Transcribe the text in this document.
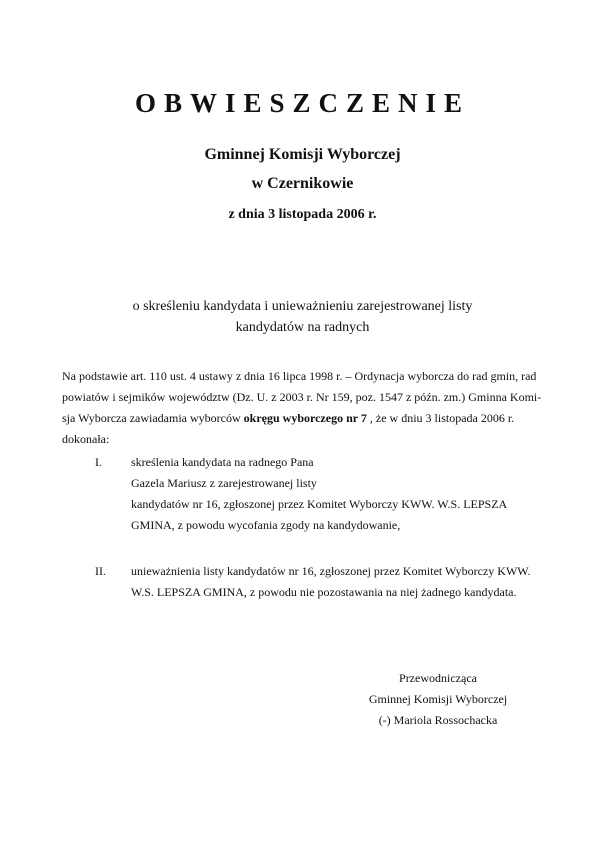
OBWIESZCZENIE
Gminnej Komisji Wyborczej
w Czernikowie
z dnia 3 listopada 2006 r.
o skreśleniu kandydata i unieważnieniu zarejestrowanej listy
kandydatów na radnych
Na podstawie art. 110 ust. 4 ustawy z dnia 16 lipca 1998 r. – Ordynacja wyborcza do rad gmin, rad
powiatów i sejmików województw (Dz. U. z 2003 r. Nr 159, poz. 1547 z późn. zm.) Gminna Komi-
sja Wyborcza zawiadamia wyborców okręgu wyborczego nr 7 , że w dniu 3 listopada 2006 r.
dokonała:
I. skreślenia kandydata na radnego Pana
Gazela Mariusz z zarejestrowanej listy
kandydatów nr 16, zgłoszonej przez Komitet Wyborczy KWW. W.S. LEPSZA
GMINA, z powodu wycofania zgody na kandydowanie,
II. unieważnienia listy kandydatów nr 16, zgłoszonej przez Komitet Wyborczy KWW.
W.S. LEPSZA GMINA, z powodu nie pozostawania na niej żadnego kandydata.
Przewodnicząca
Gminnej Komisji Wyborczej
(-) Mariola Rossochacka
